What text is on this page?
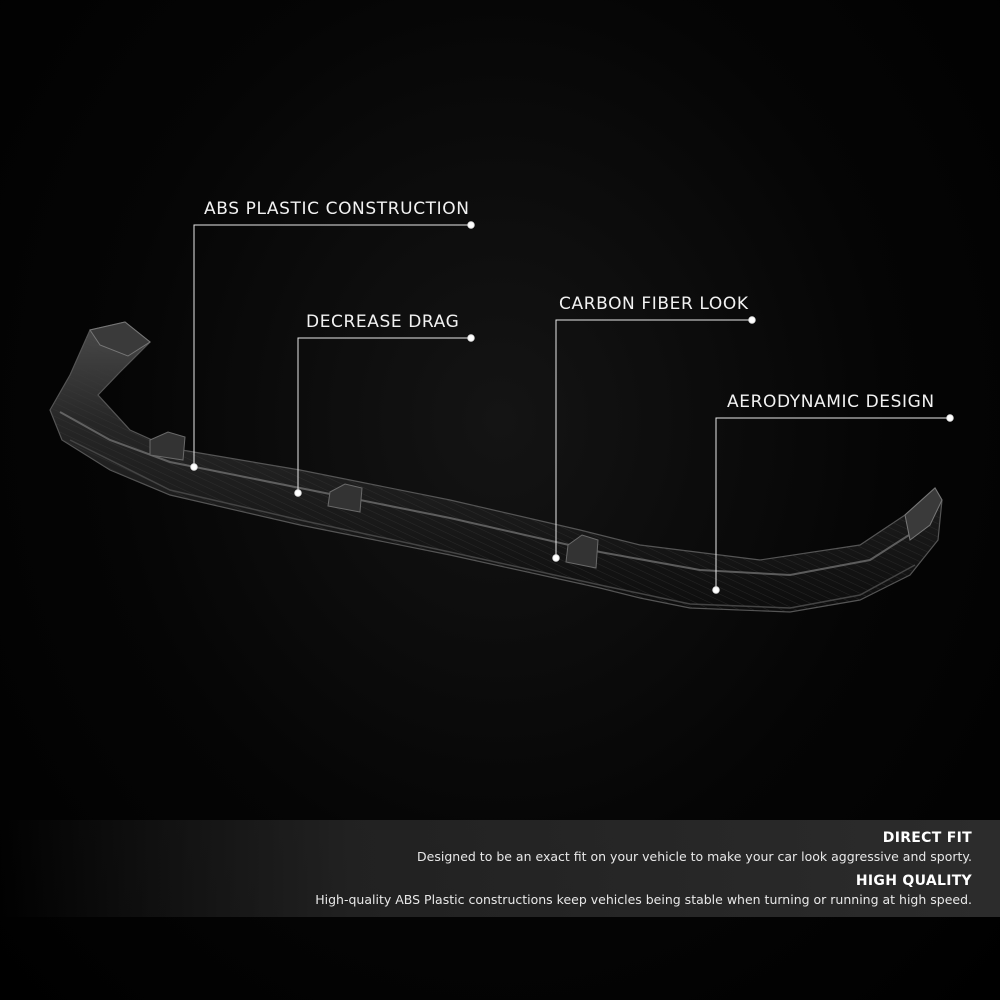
ABS PLASTIC CONSTRUCTION
DECREASE DRAG
CARBON FIBER LOOK
AERODYNAMIC DESIGN
DIRECT FIT
Designed to be an exact fit on your vehicle to make your car look aggressive and sporty.
HIGH QUALITY
High-quality ABS Plastic constructions keep vehicles being stable when turning or running at high speed.
